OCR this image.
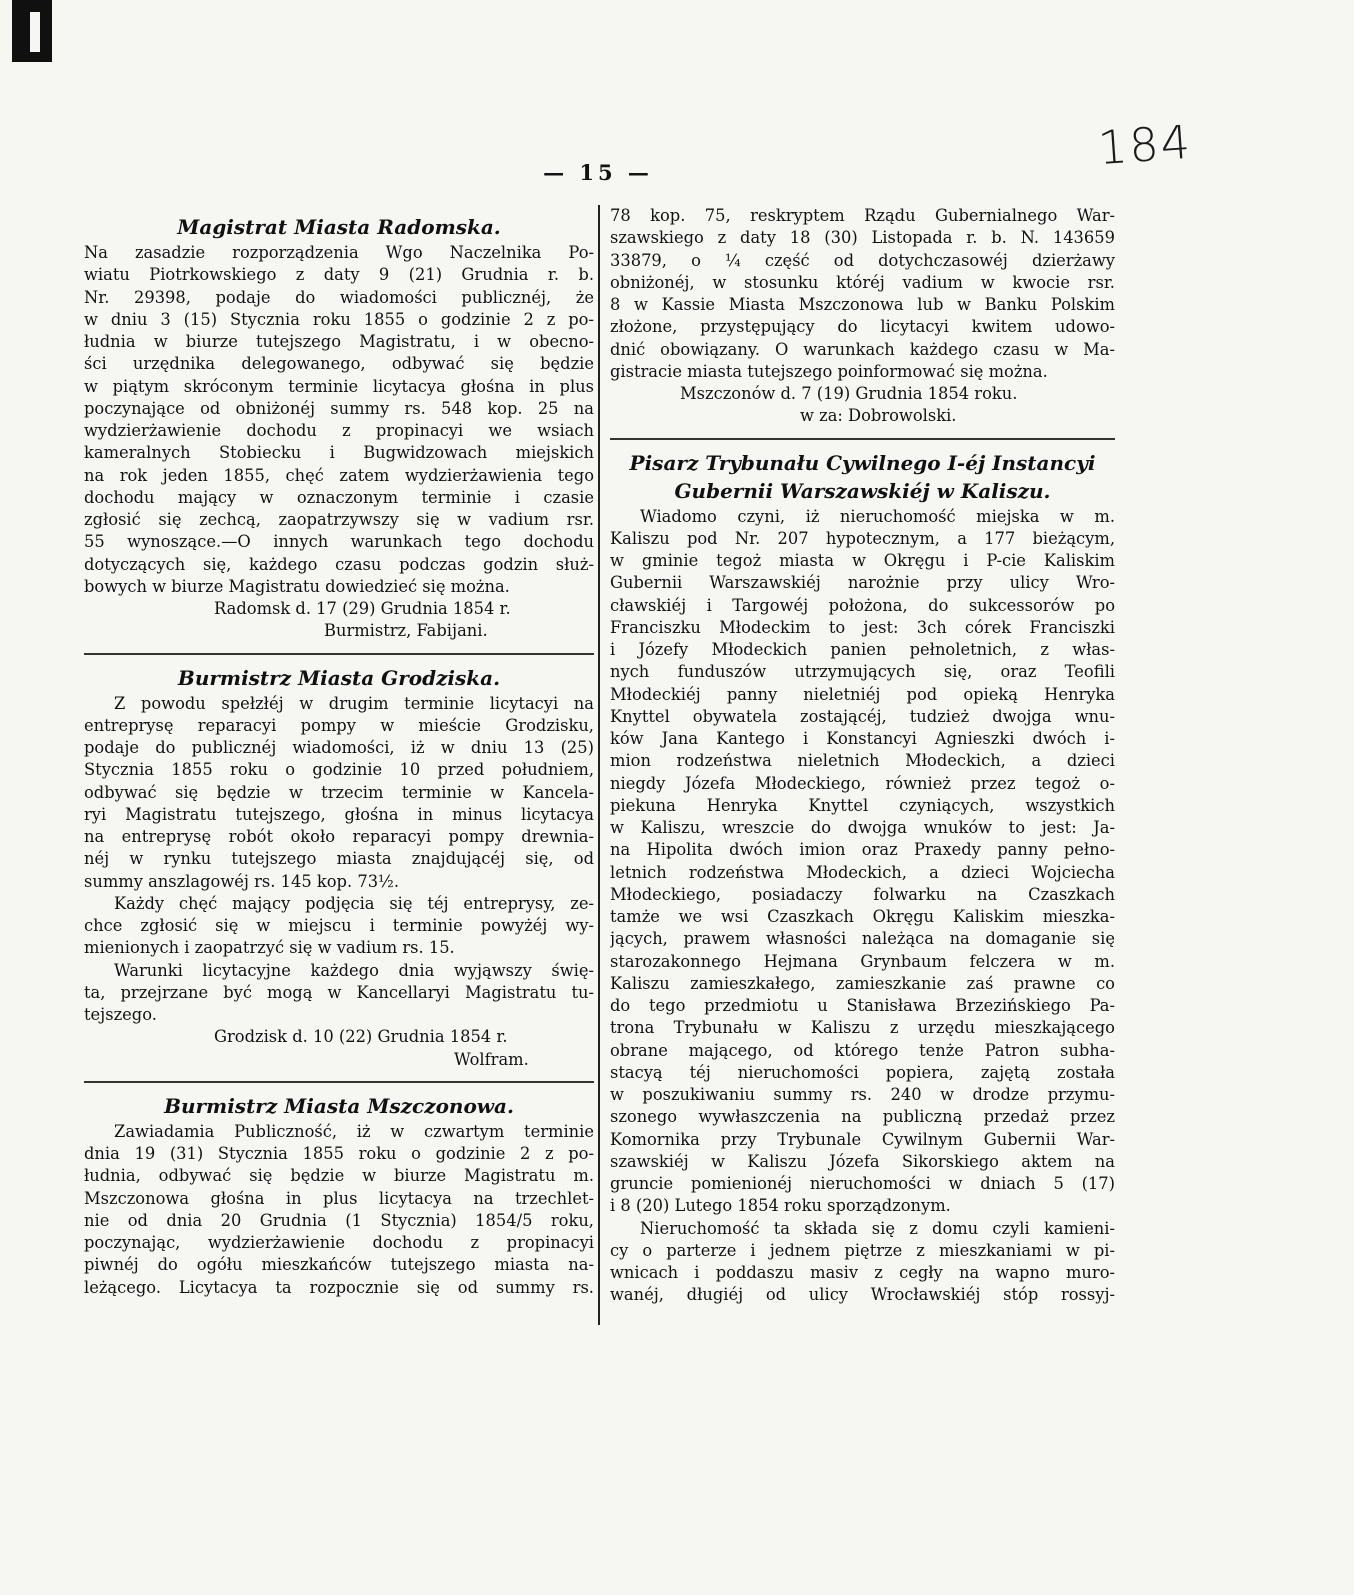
184
— 15 —
Magistrat Miasta Radomska.
Na zasadzie rozporządzenia Wgo Naczelnika Po-
wiatu Piotrkowskiego z daty 9 (21) Grudnia r. b.
Nr. 29398, podaje do wiadomości publicznéj, że
w dniu 3 (15) Stycznia roku 1855 o godzinie 2 z po-
łudnia w biurze tutejszego Magistratu, i w obecno-
ści urzędnika delegowanego, odbywać się będzie
w piątym skróconym terminie licytacya głośna in plus
poczynające od obniżonéj summy rs. 548 kop. 25 na
wydzierżawienie dochodu z propinacyi we wsiach
kameralnych Stobiecku i Bugwidzowach miejskich
na rok jeden 1855, chęć zatem wydzierżawienia tego
dochodu mający w oznaczonym terminie i czasie
zgłosić się zechcą, zaopatrzywszy się w vadium rsr.
55 wynoszące.—O innych warunkach tego dochodu
dotyczących się, każdego czasu podczas godzin służ-
bowych w biurze Magistratu dowiedzieć się można.
Radomsk d. 17 (29) Grudnia 1854 r.
Burmistrz, Fabijani.
Burmistrz Miasta Grodziska.
Z powodu spełzłéj w drugim terminie licytacyi na
entreprysę reparacyi pompy w mieście Grodzisku,
podaje do publicznéj wiadomości, iż w dniu 13 (25)
Stycznia 1855 roku o godzinie 10 przed południem,
odbywać się będzie w trzecim terminie w Kancela-
ryi Magistratu tutejszego, głośna in minus licytacya
na entreprysę robót około reparacyi pompy drewnia-
néj w rynku tutejszego miasta znajdującéj się, od
summy anszlagowéj rs. 145 kop. 73½.
Każdy chęć mający podjęcia się téj entreprysy, ze-
chce zgłosić się w miejscu i terminie powyżéj wy-
mienionych i zaopatrzyć się w vadium rs. 15.
Warunki licytacyjne każdego dnia wyjąwszy świę-
ta, przejrzane być mogą w Kancellaryi Magistratu tu-
tejszego.
Grodzisk d. 10 (22) Grudnia 1854 r.
Wolfram.
Burmistrz Miasta Mszczonowa.
Zawiadamia Publiczność, iż w czwartym terminie
dnia 19 (31) Stycznia 1855 roku o godzinie 2 z po-
łudnia, odbywać się będzie w biurze Magistratu m.
Mszczonowa głośna in plus licytacya na trzechlet-
nie od dnia 20 Grudnia (1 Stycznia) 1854/5 roku,
poczynając, wydzierżawienie dochodu z propinacyi
piwnéj do ogółu mieszkańców tutejszego miasta na-
leżącego. Licytacya ta rozpocznie się od summy rs.
78 kop. 75, reskryptem Rządu Gubernialnego War-
szawskiego z daty 18 (30) Listopada r. b. N. 143659
33879, o ¼ część od dotychczasowéj dzierżawy
obniżonéj, w stosunku któréj vadium w kwocie rsr.
8 w Kassie Miasta Mszczonowa lub w Banku Polskim
złożone, przystępujący do licytacyi kwitem udowo-
dnić obowiązany. O warunkach każdego czasu w Ma-
gistracie miasta tutejszego poinformować się można.
Mszczonów d. 7 (19) Grudnia 1854 roku.
w za: Dobrowolski.
Pisarz Trybunału Cywilnego I-éj Instancyi
Gubernii Warszawskiéj w Kaliszu.
Wiadomo czyni, iż nieruchomość miejska w m.
Kaliszu pod Nr. 207 hypotecznym, a 177 bieżącym,
w gminie tegoż miasta w Okręgu i P-cie Kaliskim
Gubernii Warszawskiéj narożnie przy ulicy Wro-
cławskiéj i Targowéj położona, do sukcessorów po
Franciszku Młodeckim to jest: 3ch córek Franciszki
i Józefy Młodeckich panien pełnoletnich, z włas-
nych funduszów utrzymujących się, oraz Teofili
Młodeckiéj panny nieletniéj pod opieką Henryka
Knyttel obywatela zostającéj, tudzież dwojga wnu-
ków Jana Kantego i Konstancyi Agnieszki dwóch i-
mion rodzeństwa nieletnich Młodeckich, a dzieci
niegdy Józefa Młodeckiego, również przez tegoż o-
piekuna Henryka Knyttel czyniących, wszystkich
w Kaliszu, wreszcie do dwojga wnuków to jest: Ja-
na Hipolita dwóch imion oraz Praxedy panny pełno-
letnich rodzeństwa Młodeckich, a dzieci Wojciecha
Młodeckiego, posiadaczy folwarku na Czaszkach
tamże we wsi Czaszkach Okręgu Kaliskim mieszka-
jących, prawem własności należąca na domaganie się
starozakonnego Hejmana Grynbaum felczera w m.
Kaliszu zamieszkałego, zamieszkanie zaś prawne co
do tego przedmiotu u Stanisława Brzezińskiego Pa-
trona Trybunału w Kaliszu z urzędu mieszkającego
obrane mającego, od którego tenże Patron subha-
stacyą téj nieruchomości popiera, zajętą została
w poszukiwaniu summy rs. 240 w drodze przymu-
szonego wywłaszczenia na publiczną przedaż przez
Komornika przy Trybunale Cywilnym Gubernii War-
szawskiéj w Kaliszu Józefa Sikorskiego aktem na
gruncie pomienionéj nieruchomości w dniach 5 (17)
i 8 (20) Lutego 1854 roku sporządzonym.
Nieruchomość ta składa się z domu czyli kamieni-
cy o parterze i jednem piętrze z mieszkaniami w pi-
wnicach i poddaszu masiv z cegły na wapno muro-
wanéj, długiéj od ulicy Wrocławskiéj stóp rossyj-
